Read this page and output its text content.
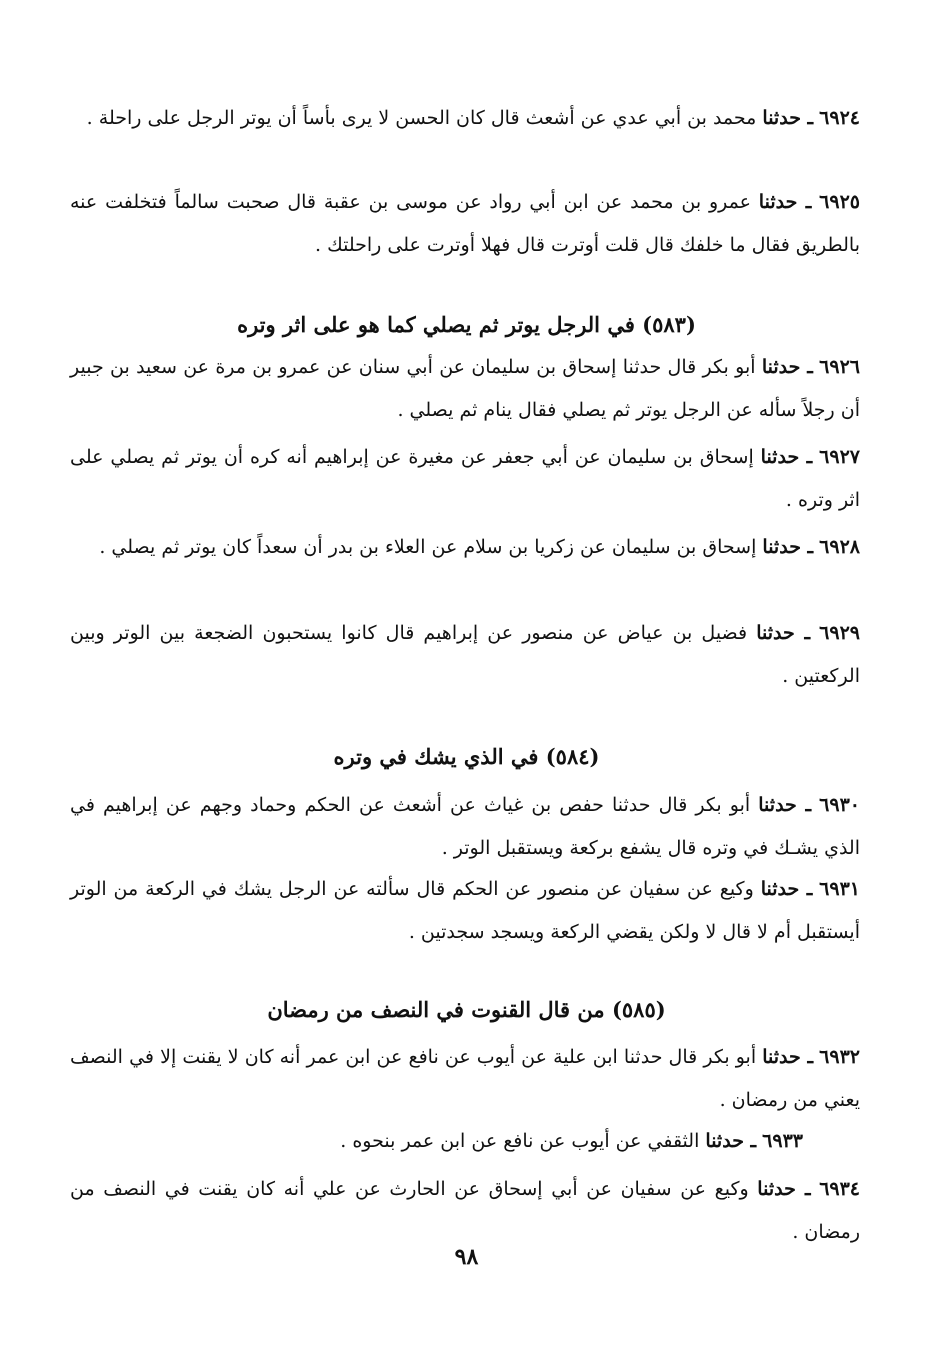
٦٩٢٤ ـ حدثنا محمد بن أبي عدي عن أشعث قال كان الحسن لا يرى بأساً أن يوتر الرجل على راحلة .

٦٩٢٥ ـ حدثنا عمرو بن محمد عن ابن أبي رواد عن موسى بن عقبة قال صحبت سالماً فتخلفت عنه بالطريق فقال ما خلفك قال قلت أوترت قال فهلا أوترت على راحلتك .

(٥٨٣) في الرجل يوتر ثم يصلي كما هو على اثر وتره

٦٩٢٦ ـ حدثنا أبو بكر قال حدثنا إسحاق بن سليمان عن أبي سنان عن عمرو بن مرة عن سعيد بن جبير أن رجلاً سأله عن الرجل يوتر ثم يصلي فقال ينام ثم يصلي .

٦٩٢٧ ـ حدثنا إسحاق بن سليمان عن أبي جعفر عن مغيرة عن إبراهيم أنه كره أن يوتر ثم يصلي على اثر وتره .

٦٩٢٨ ـ حدثنا إسحاق بن سليمان عن زكريا بن سلام عن العلاء بن بدر أن سعداً كان يوتر ثم يصلي .

٦٩٢٩ ـ حدثنا فضيل بن عياض عن منصور عن إبراهيم قال كانوا يستحبون الضجعة بين الوتر وبين الركعتين .

(٥٨٤) في الذي يشك في وتره

٦٩٣٠ ـ حدثنا أبو بكر قال حدثنا حفص بن غياث عن أشعث عن الحكم وحماد وجهم عن إبراهيم في الذي يشـك في وتره قال يشفع بركعة ويستقبل الوتر .

٦٩٣١ ـ حدثنا وكيع عن سفيان عن منصور عن الحكم قال سألته عن الرجل يشك في الركعة من الوتر أيستقبل أم لا قال لا ولكن يقضي الركعة ويسجد سجدتين .

(٥٨٥) من قال القنوت في النصف من رمضان

٦٩٣٢ ـ حدثنا أبو بكر قال حدثنا ابن علية عن أيوب عن نافع عن ابن عمر أنه كان لا يقنت إلا في النصف يعني من رمضان .

٦٩٣٣ ـ حدثنا الثقفي عن أيوب عن نافع عن ابن عمر بنحوه .

٦٩٣٤ ـ حدثنا وكيع عن سفيان عن أبي إسحاق عن الحارث عن علي أنه كان يقنت في النصف من رمضان .

٩٨
